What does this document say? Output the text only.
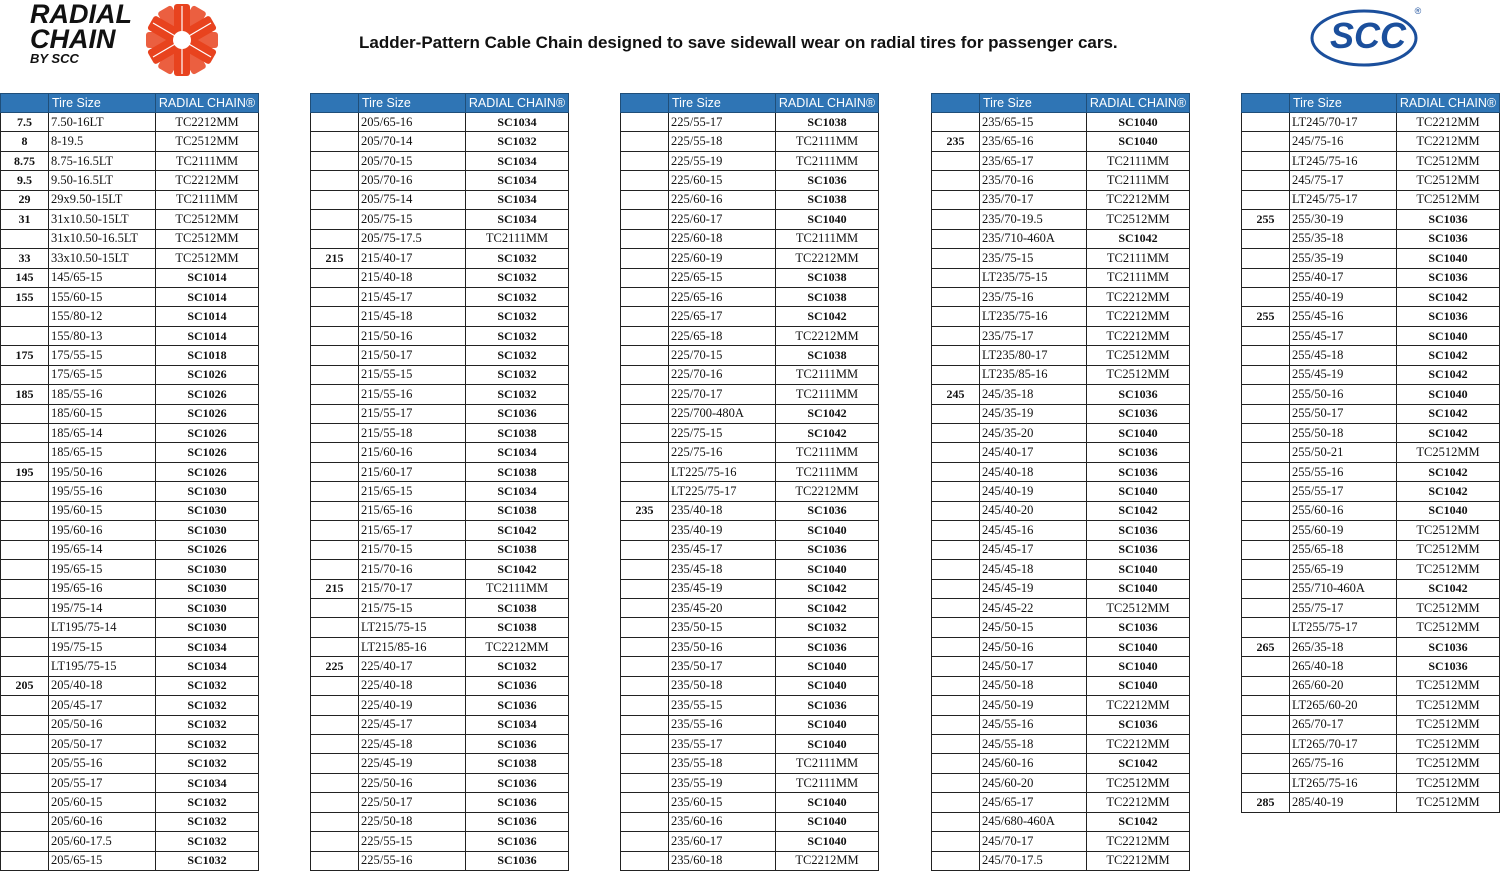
RADIAL
CHAIN
BY SCC
Ladder-Pattern Cable Chain designed to save sidewall wear on radial tires for passenger cars.	SCC
®
	Tire Size	RADIAL CHAIN®
7.5	7.50-16LT	TC2212MM
8	8-19.5	TC2512MM
8.75	8.75-16.5LT	TC2111MM
9.5	9.50-16.5LT	TC2212MM
29	29x9.50-15LT	TC2111MM
31	31x10.50-15LT	TC2512MM
	31x10.50-16.5LT	TC2512MM
33	33x10.50-15LT	TC2512MM
145	145/65-15	SC1014
155	155/60-15	SC1014
	155/80-12	SC1014
	155/80-13	SC1014
175	175/55-15	SC1018
	175/65-15	SC1026
185	185/55-16	SC1026
	185/60-15	SC1026
	185/65-14	SC1026
	185/65-15	SC1026
195	195/50-16	SC1026
	195/55-16	SC1030
	195/60-15	SC1030
	195/60-16	SC1030
	195/65-14	SC1026
	195/65-15	SC1030
	195/65-16	SC1030
	195/75-14	SC1030
	LT195/75-14	SC1030
	195/75-15	SC1034
	LT195/75-15	SC1034
205	205/40-18	SC1032
	205/45-17	SC1032
	205/50-16	SC1032
	205/50-17	SC1032
	205/55-16	SC1032
	205/55-17	SC1034
	205/60-15	SC1032
	205/60-16	SC1032
	205/60-17.5	SC1032
	205/65-15	SC1032
	Tire Size	RADIAL CHAIN®
	205/65-16	SC1034
	205/70-14	SC1032
	205/70-15	SC1034
	205/70-16	SC1034
	205/75-14	SC1034
	205/75-15	SC1034
	205/75-17.5	TC2111MM
215	215/40-17	SC1032
	215/40-18	SC1032
	215/45-17	SC1032
	215/45-18	SC1032
	215/50-16	SC1032
	215/50-17	SC1032
	215/55-15	SC1032
	215/55-16	SC1032
	215/55-17	SC1036
	215/55-18	SC1038
	215/60-16	SC1034
	215/60-17	SC1038
	215/65-15	SC1034
	215/65-16	SC1038
	215/65-17	SC1042
	215/70-15	SC1038
	215/70-16	SC1042
215	215/70-17	TC2111MM
	215/75-15	SC1038
	LT215/75-15	SC1038
	LT215/85-16	TC2212MM
225	225/40-17	SC1032
	225/40-18	SC1036
	225/40-19	SC1036
	225/45-17	SC1034
	225/45-18	SC1036
	225/45-19	SC1038
	225/50-16	SC1036
	225/50-17	SC1036
	225/50-18	SC1036
	225/55-15	SC1036
	225/55-16	SC1036
	Tire Size	RADIAL CHAIN®
	225/55-17	SC1038
	225/55-18	TC2111MM
	225/55-19	TC2111MM
	225/60-15	SC1036
	225/60-16	SC1038
	225/60-17	SC1040
	225/60-18	TC2111MM
	225/60-19	TC2212MM
	225/65-15	SC1038
	225/65-16	SC1038
	225/65-17	SC1042
	225/65-18	TC2212MM
	225/70-15	SC1038
	225/70-16	TC2111MM
	225/70-17	TC2111MM
	225/700-480A	SC1042
	225/75-15	SC1042
	225/75-16	TC2111MM
	LT225/75-16	TC2111MM
	LT225/75-17	TC2212MM
235	235/40-18	SC1036
	235/40-19	SC1040
	235/45-17	SC1036
	235/45-18	SC1040
	235/45-19	SC1042
	235/45-20	SC1042
	235/50-15	SC1032
	235/50-16	SC1036
	235/50-17	SC1040
	235/50-18	SC1040
	235/55-15	SC1036
	235/55-16	SC1040
	235/55-17	SC1040
	235/55-18	TC2111MM
	235/55-19	TC2111MM
	235/60-15	SC1040
	235/60-16	SC1040
	235/60-17	SC1040
	235/60-18	TC2212MM
	Tire Size	RADIAL CHAIN®
	235/65-15	SC1040
235	235/65-16	SC1040
	235/65-17	TC2111MM
	235/70-16	TC2111MM
	235/70-17	TC2212MM
	235/70-19.5	TC2512MM
	235/710-460A	SC1042
	235/75-15	TC2111MM
	LT235/75-15	TC2111MM
	235/75-16	TC2212MM
	LT235/75-16	TC2212MM
	235/75-17	TC2212MM
	LT235/80-17	TC2512MM
	LT235/85-16	TC2512MM
245	245/35-18	SC1036
	245/35-19	SC1036
	245/35-20	SC1040
	245/40-17	SC1036
	245/40-18	SC1036
	245/40-19	SC1040
	245/40-20	SC1042
	245/45-16	SC1036
	245/45-17	SC1036
	245/45-18	SC1040
	245/45-19	SC1040
	245/45-22	TC2512MM
	245/50-15	SC1036
	245/50-16	SC1040
	245/50-17	SC1040
	245/50-18	SC1040
	245/50-19	TC2212MM
	245/55-16	SC1036
	245/55-18	TC2212MM
	245/60-16	SC1042
	245/60-20	TC2512MM
	245/65-17	TC2212MM
	245/680-460A	SC1042
	245/70-17	TC2212MM
	245/70-17.5	TC2212MM
	Tire Size	RADIAL CHAIN®
	LT245/70-17	TC2212MM
	245/75-16	TC2212MM
	LT245/75-16	TC2512MM
	245/75-17	TC2512MM
	LT245/75-17	TC2512MM
255	255/30-19	SC1036
	255/35-18	SC1036
	255/35-19	SC1040
	255/40-17	SC1036
	255/40-19	SC1042
255	255/45-16	SC1036
	255/45-17	SC1040
	255/45-18	SC1042
	255/45-19	SC1042
	255/50-16	SC1040
	255/50-17	SC1042
	255/50-18	SC1042
	255/50-21	TC2512MM
	255/55-16	SC1042
	255/55-17	SC1042
	255/60-16	SC1040
	255/60-19	TC2512MM
	255/65-18	TC2512MM
	255/65-19	TC2512MM
	255/710-460A	SC1042
	255/75-17	TC2512MM
	LT255/75-17	TC2512MM
265	265/35-18	SC1036
	265/40-18	SC1036
	265/60-20	TC2512MM
	LT265/60-20	TC2512MM
	265/70-17	TC2512MM
	LT265/70-17	TC2512MM
	265/75-16	TC2512MM
	LT265/75-16	TC2512MM
285	285/40-19	TC2512MM
